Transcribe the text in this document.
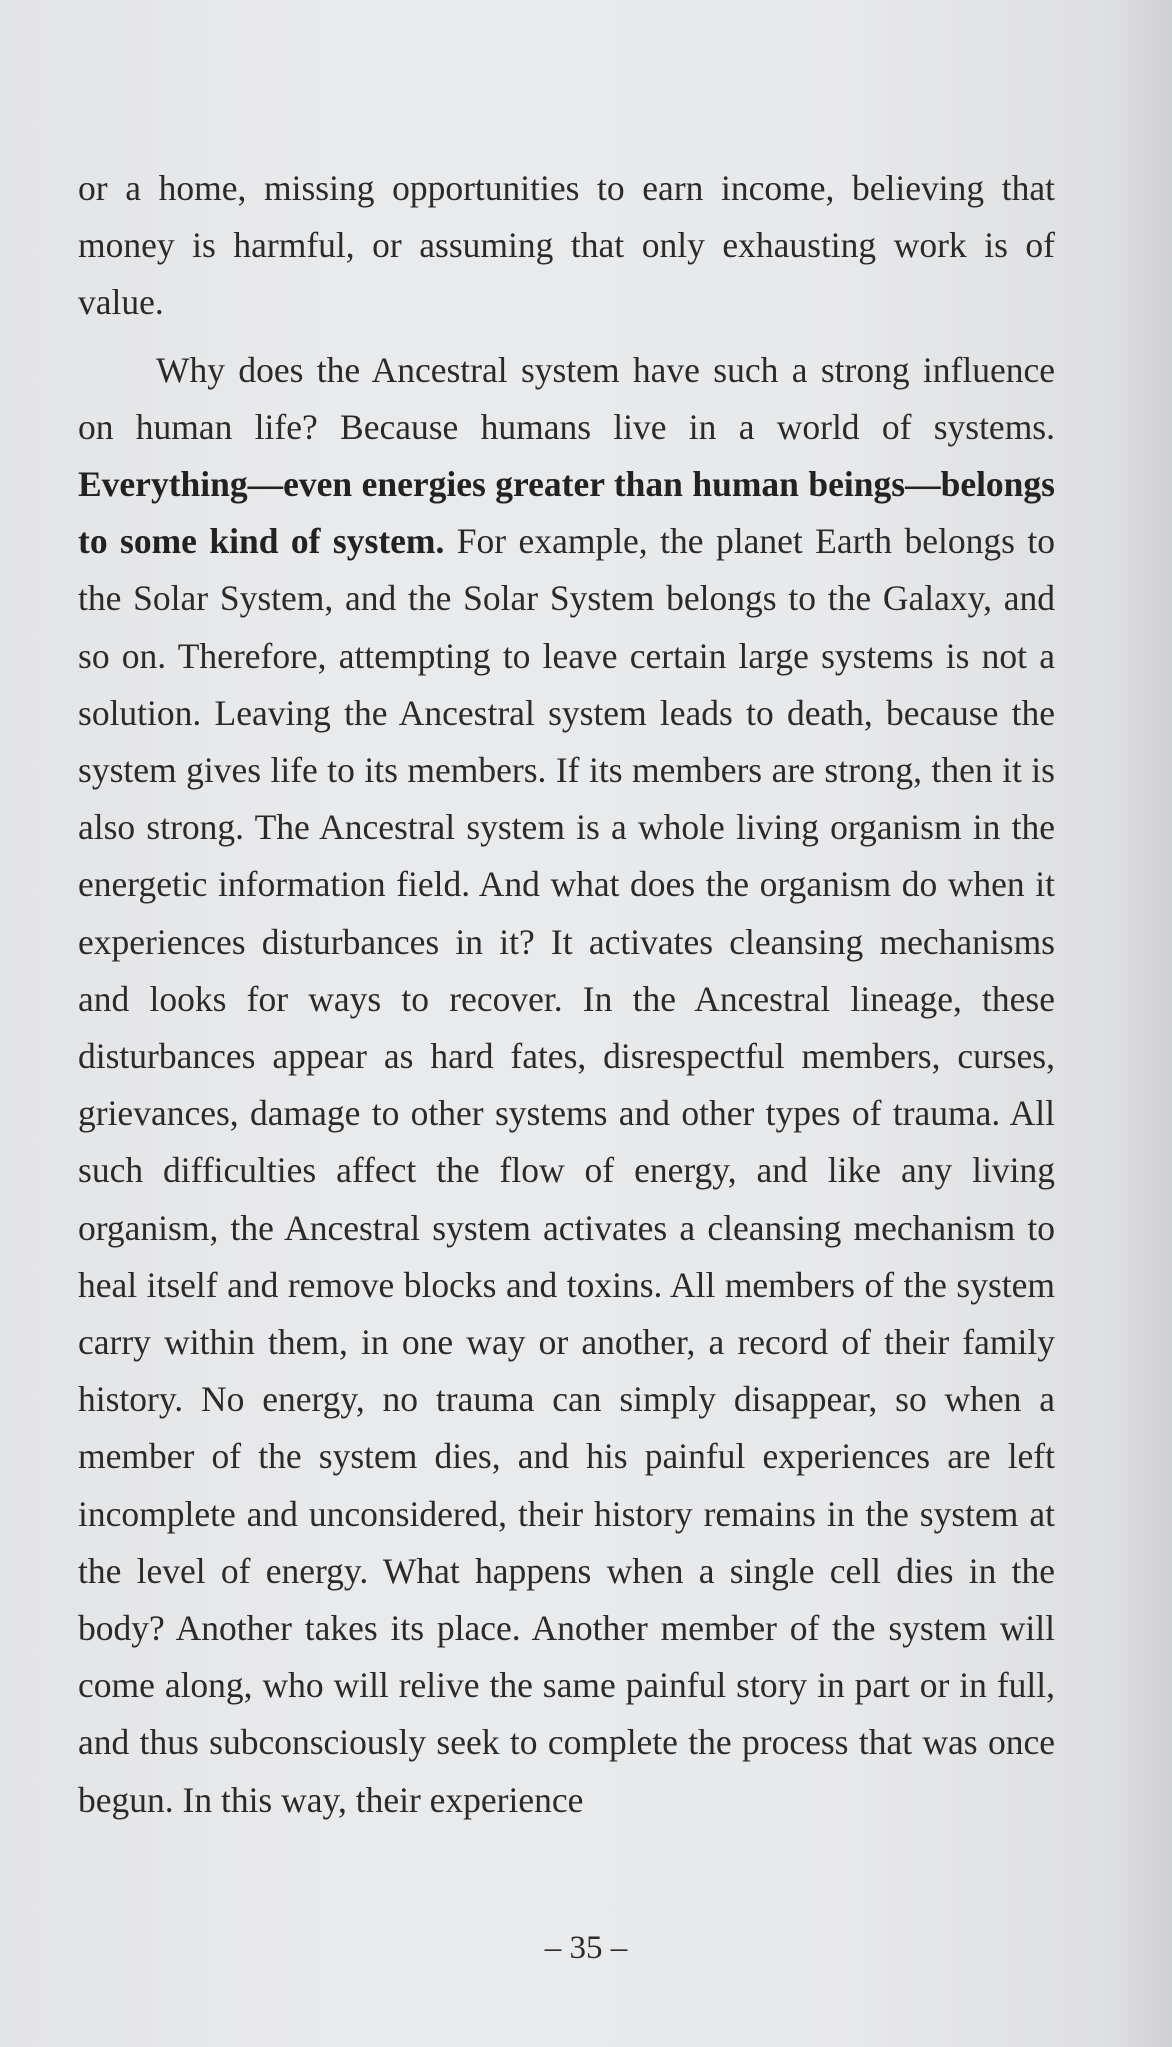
or a home, missing opportunities to earn income, believing that money is harmful, or assuming that only exhausting work is of value.

Why does the Ancestral system have such a strong influence on human life? Because humans live in a world of systems. Everything—even energies greater than human beings—belongs to some kind of system. For example, the planet Earth belongs to the Solar System, and the Solar System belongs to the Galaxy, and so on. Therefore, attempting to leave certain large systems is not a solution. Leaving the Ancestral system leads to death, because the system gives life to its members. If its members are strong, then it is also strong. The Ancestral system is a whole living organism in the energetic information field. And what does the organism do when it experiences disturbances in it? It activates cleansing mechanisms and looks for ways to recover. In the Ancestral lineage, these disturbances appear as hard fates, disrespectful members, curses, grievances, damage to other systems and other types of trauma. All such difficulties affect the flow of energy, and like any living organism, the Ancestral system activates a cleansing mechanism to heal itself and remove blocks and toxins. All members of the system carry within them, in one way or another, a record of their family history. No energy, no trauma can simply disappear, so when a member of the system dies, and his painful experiences are left incomplete and unconsidered, their history remains in the system at the level of energy. What happens when a single cell dies in the body? Another takes its place. Another member of the system will come along, who will relive the same painful story in part or in full, and thus subconsciously seek to complete the process that was once begun. In this way, their experience

– 35 –
